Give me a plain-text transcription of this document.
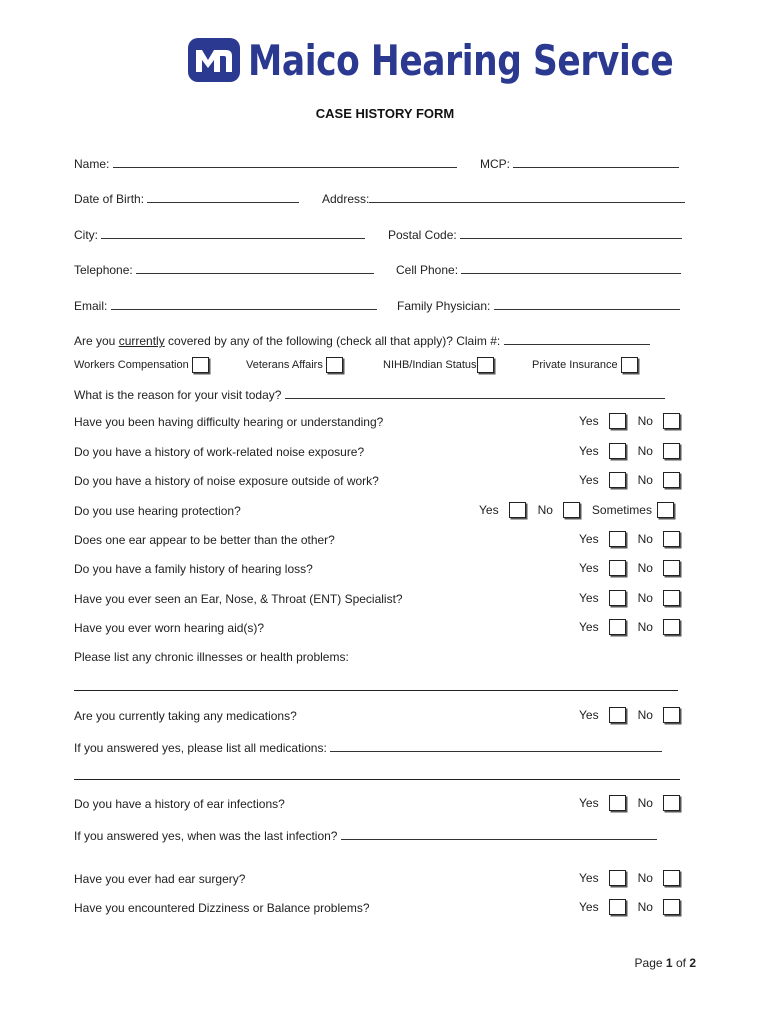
Maico Hearing Service
CASE HISTORY FORM
Name:	MCP:
Date of Birth:	Address:
City:	Postal Code:
Telephone:	Cell Phone:
Email:	Family Physician:
Are you currently covered by any of the following (check all that apply)? Claim #:
Workers Compensation	Veterans Affairs	NIHB/Indian Status	Private Insurance
What is the reason for your visit today?
Have you been having difficulty hearing or understanding?	Yes	No
Do you have a history of work-related noise exposure?	Yes	No
Do you have a history of noise exposure outside of work?	Yes	No
Do you use hearing protection?	Yes	No	Sometimes
Does one ear appear to be better than the other?	Yes	No
Do you have a family history of hearing loss?	Yes	No
Have you ever seen an Ear, Nose, & Throat (ENT) Specialist?	Yes	No
Have you ever worn hearing aid(s)?	Yes	No
Please list any chronic illnesses or health problems:
Are you currently taking any medications?	Yes	No
If you answered yes, please list all medications:
Do you have a history of ear infections?	Yes	No
If you answered yes, when was the last infection?
Have you ever had ear surgery?	Yes	No
Have you encountered Dizziness or Balance problems?	Yes	No
Page 1 of 2
